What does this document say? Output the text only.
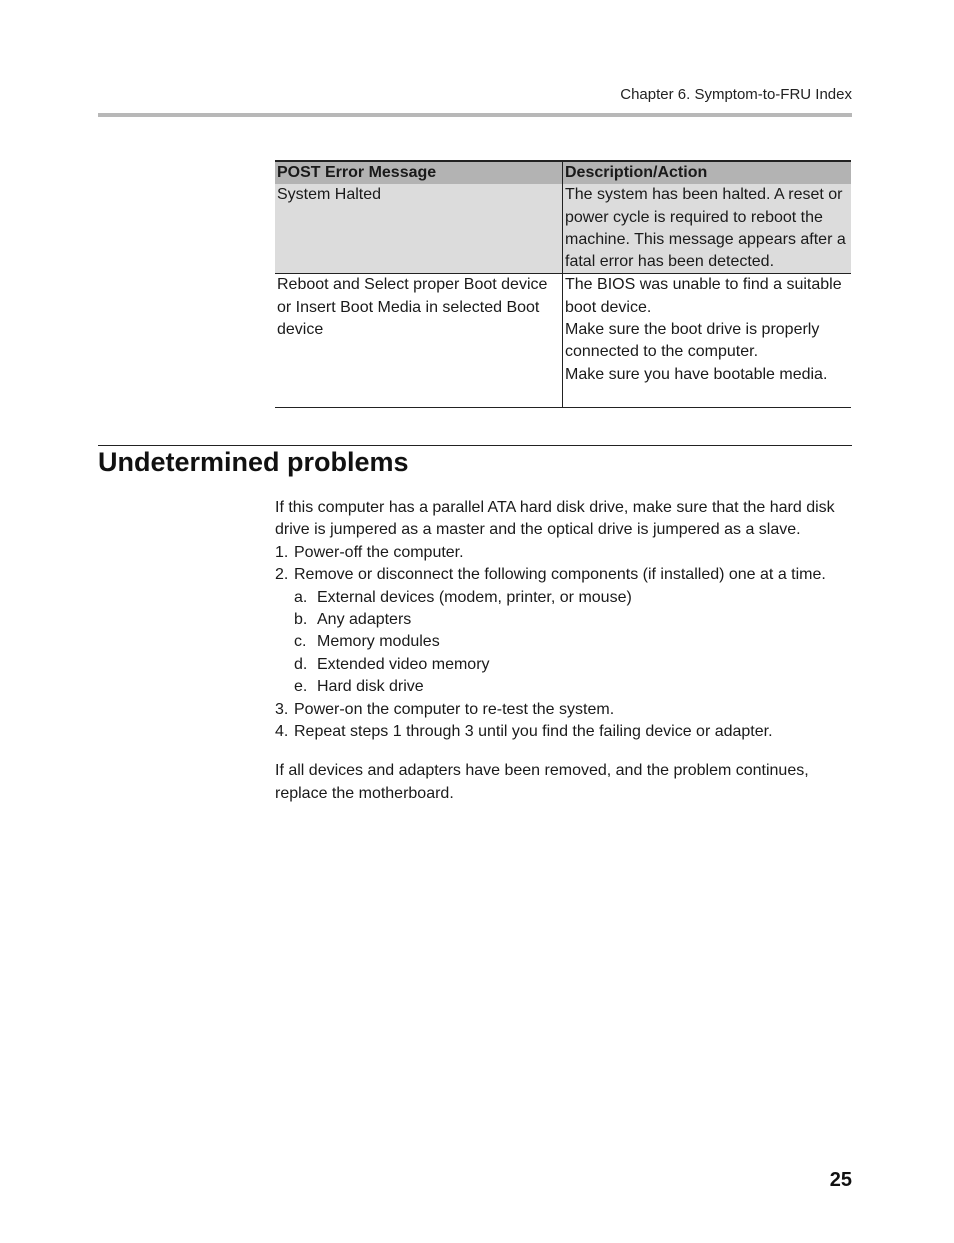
Chapter 6. Symptom-to-FRU Index
POST Error Message	Description/Action
System Halted	The system has been halted. A reset or power cycle is required to reboot the machine. This message appears after a fatal error has been detected.

Reboot and Select proper Boot device or Insert Boot Media in selected Boot device	The BIOS was unable to find a suitable boot device.
Make sure the boot drive is properly connected to the computer.
Make sure you have bootable media.
Undetermined problems

If this computer has a parallel ATA hard disk drive, make sure that the hard disk drive is jumpered as a master and the optical drive is jumpered as a slave.

1. Power-off the computer.
2. Remove or disconnect the following components (if installed) one at a time.
a. External devices (modem, printer, or mouse)
b. Any adapters
c. Memory modules
d. Extended video memory
e. Hard disk drive
3. Power-on the computer to re-test the system.
4. Repeat steps 1 through 3 until you find the failing device or adapter.

If all devices and adapters have been removed, and the problem continues, replace the motherboard.

25
